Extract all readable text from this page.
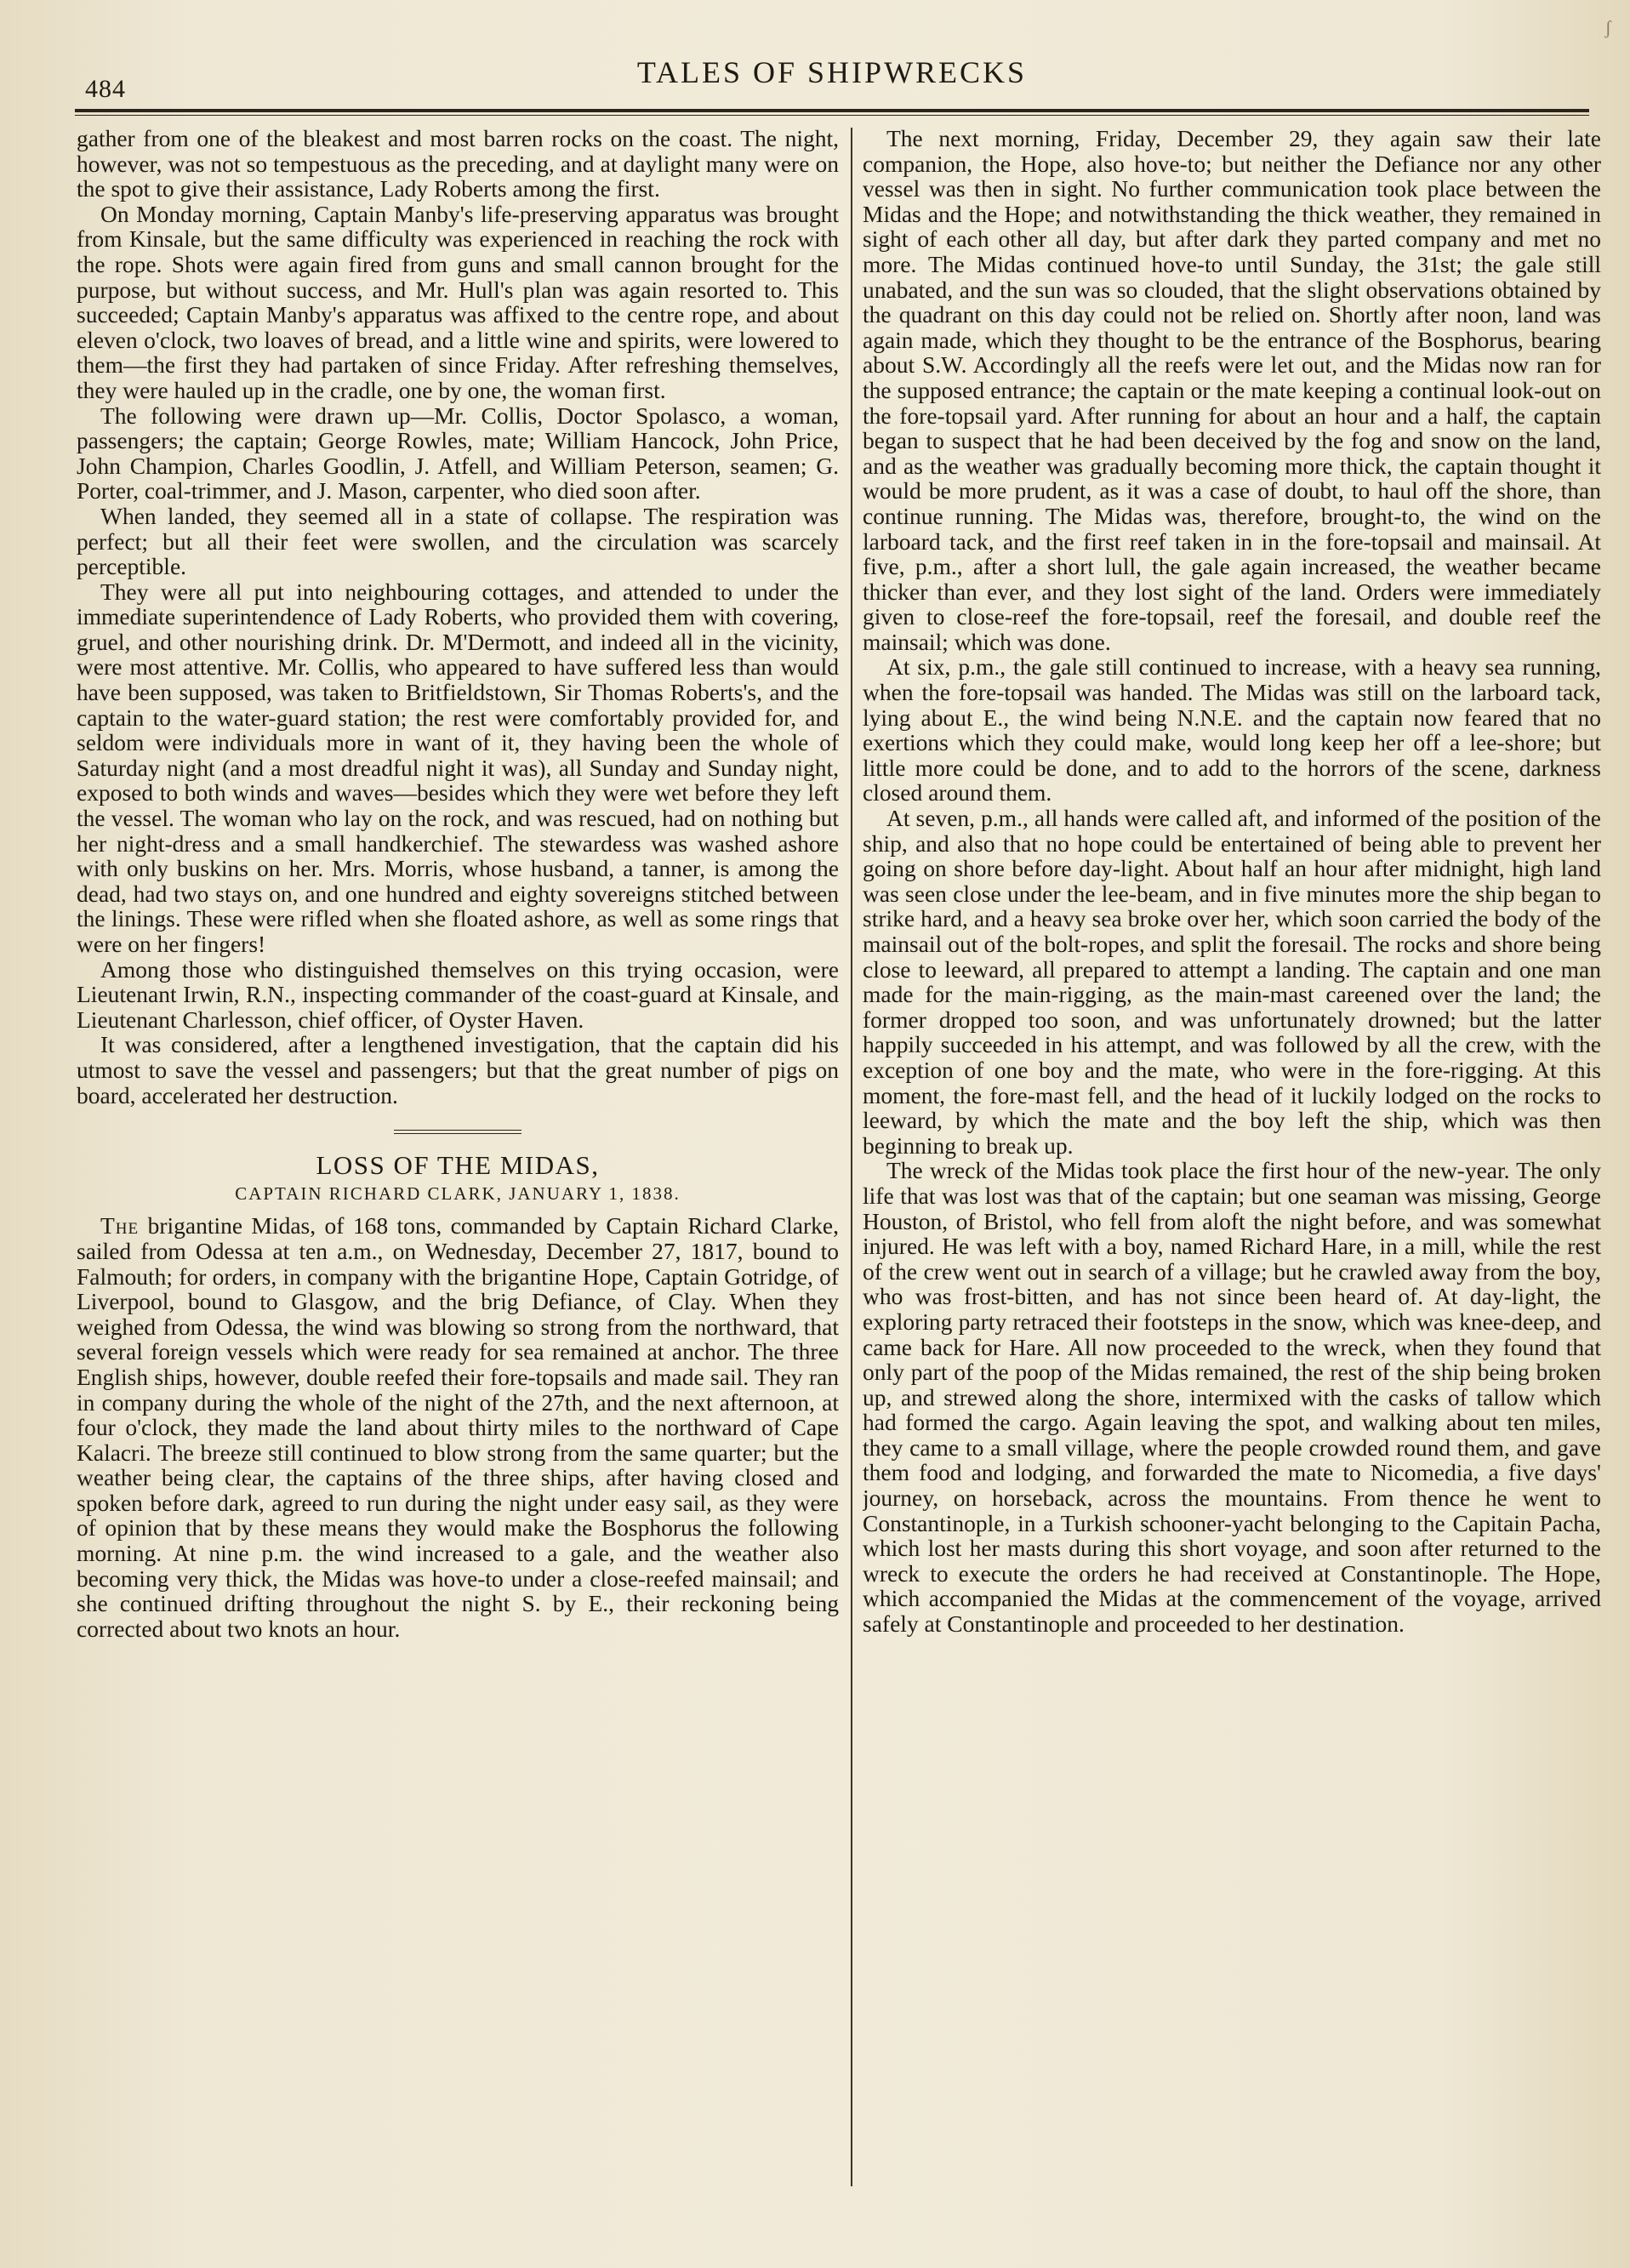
ʃ
484	TALES OF SHIPWRECKS

gather from one of the bleakest and most barren rocks on the coast. The night, however, was not so tempestuous as the preceding, and at daylight many were on the spot to give their assistance, Lady Roberts among the first.

On Monday morning, Captain Manby's life-preserving apparatus was brought from Kinsale, but the same difficulty was experienced in reaching the rock with the rope. Shots were again fired from guns and small cannon brought for the purpose, but without success, and Mr. Hull's plan was again resorted to. This succeeded; Captain Manby's apparatus was affixed to the centre rope, and about eleven o'clock, two loaves of bread, and a little wine and spirits, were lowered to them—the first they had partaken of since Friday. After refreshing themselves, they were hauled up in the cradle, one by one, the woman first.

The following were drawn up—Mr. Collis, Doctor Spolasco, a woman, passengers; the captain; George Rowles, mate; William Hancock, John Price, John Champion, Charles Goodlin, J. Atfell, and William Peterson, seamen; G. Porter, coal-trimmer, and J. Mason, carpenter, who died soon after.

When landed, they seemed all in a state of collapse. The respiration was perfect; but all their feet were swollen, and the circulation was scarcely perceptible.

They were all put into neighbouring cottages, and attended to under the immediate superintendence of Lady Roberts, who provided them with covering, gruel, and other nourishing drink. Dr. M'Dermott, and indeed all in the vicinity, were most attentive. Mr. Collis, who appeared to have suffered less than would have been supposed, was taken to Britfieldstown, Sir Thomas Roberts's, and the captain to the water-guard station; the rest were comfortably provided for, and seldom were individuals more in want of it, they having been the whole of Saturday night (and a most dreadful night it was), all Sunday and Sunday night, exposed to both winds and waves—besides which they were wet before they left the vessel. The woman who lay on the rock, and was rescued, had on nothing but her night-dress and a small handkerchief. The stewardess was washed ashore with only buskins on her. Mrs. Morris, whose husband, a tanner, is among the dead, had two stays on, and one hundred and eighty sovereigns stitched between the linings. These were rifled when she floated ashore, as well as some rings that were on her fingers!

Among those who distinguished themselves on this trying occasion, were Lieutenant Irwin, R.N., inspecting commander of the coast-guard at Kinsale, and Lieutenant Charlesson, chief officer, of Oyster Haven.

It was considered, after a lengthened investigation, that the captain did his utmost to save the vessel and passengers; but that the great number of pigs on board, accelerated her destruction.

LOSS OF THE MIDAS,
CAPTAIN RICHARD CLARK, JANUARY 1, 1838.

The brigantine Midas, of 168 tons, commanded by Captain Richard Clarke, sailed from Odessa at ten a.m., on Wednesday, December 27, 1817, bound to Falmouth; for orders, in company with the brigantine Hope, Captain Gotridge, of Liverpool, bound to Glasgow, and the brig Defiance, of Clay. When they weighed from Odessa, the wind was blowing so strong from the northward, that several foreign vessels which were ready for sea remained at anchor. The three English ships, however, double reefed their fore-topsails and made sail. They ran in company during the whole of the night of the 27th, and the next afternoon, at four o'clock, they made the land about thirty miles to the northward of Cape Kalacri. The breeze still continued to blow strong from the same quarter; but the weather being clear, the captains of the three ships, after having closed and spoken before dark, agreed to run during the night under easy sail, as they were of opinion that by these means they would make the Bosphorus the following morning. At nine p.m. the wind increased to a gale, and the weather also becoming very thick, the Midas was hove-to under a close-reefed mainsail; and she continued drifting throughout the night S. by E., their reckoning being corrected about two knots an hour.

The next morning, Friday, December 29, they again saw their late companion, the Hope, also hove-to; but neither the Defiance nor any other vessel was then in sight. No further communication took place between the Midas and the Hope; and notwithstanding the thick weather, they remained in sight of each other all day, but after dark they parted company and met no more. The Midas continued hove-to until Sunday, the 31st; the gale still unabated, and the sun was so clouded, that the slight observations obtained by the quadrant on this day could not be relied on. Shortly after noon, land was again made, which they thought to be the entrance of the Bosphorus, bearing about S.W. Accordingly all the reefs were let out, and the Midas now ran for the supposed entrance; the captain or the mate keeping a continual look-out on the fore-topsail yard. After running for about an hour and a half, the captain began to suspect that he had been deceived by the fog and snow on the land, and as the weather was gradually becoming more thick, the captain thought it would be more prudent, as it was a case of doubt, to haul off the shore, than continue running. The Midas was, therefore, brought-to, the wind on the larboard tack, and the first reef taken in in the fore-topsail and mainsail. At five, p.m., after a short lull, the gale again increased, the weather became thicker than ever, and they lost sight of the land. Orders were immediately given to close-reef the fore-topsail, reef the foresail, and double reef the mainsail; which was done.

At six, p.m., the gale still continued to increase, with a heavy sea running, when the fore-topsail was handed. The Midas was still on the larboard tack, lying about E., the wind being N.N.E. and the captain now feared that no exertions which they could make, would long keep her off a lee-shore; but little more could be done, and to add to the horrors of the scene, darkness closed around them.

At seven, p.m., all hands were called aft, and informed of the position of the ship, and also that no hope could be entertained of being able to prevent her going on shore before day-light. About half an hour after midnight, high land was seen close under the lee-beam, and in five minutes more the ship began to strike hard, and a heavy sea broke over her, which soon carried the body of the mainsail out of the bolt-ropes, and split the foresail. The rocks and shore being close to leeward, all prepared to attempt a landing. The captain and one man made for the main-rigging, as the main-mast careened over the land; the former dropped too soon, and was unfortunately drowned; but the latter happily succeeded in his attempt, and was followed by all the crew, with the exception of one boy and the mate, who were in the fore-rigging. At this moment, the fore-mast fell, and the head of it luckily lodged on the rocks to leeward, by which the mate and the boy left the ship, which was then beginning to break up.

The wreck of the Midas took place the first hour of the new-year. The only life that was lost was that of the captain; but one seaman was missing, George Houston, of Bristol, who fell from aloft the night before, and was somewhat injured. He was left with a boy, named Richard Hare, in a mill, while the rest of the crew went out in search of a village; but he crawled away from the boy, who was frost-bitten, and has not since been heard of. At day-light, the exploring party retraced their footsteps in the snow, which was knee-deep, and came back for Hare. All now proceeded to the wreck, when they found that only part of the poop of the Midas remained, the rest of the ship being broken up, and strewed along the shore, intermixed with the casks of tallow which had formed the cargo. Again leaving the spot, and walking about ten miles, they came to a small village, where the people crowded round them, and gave them food and lodging, and forwarded the mate to Nicomedia, a five days' journey, on horseback, across the mountains. From thence he went to Constantinople, in a Turkish schooner-yacht belonging to the Capitain Pacha, which lost her masts during this short voyage, and soon after returned to the wreck to execute the orders he had received at Constantinople. The Hope, which accompanied the Midas at the commencement of the voyage, arrived safely at Constantinople and proceeded to her destination.
